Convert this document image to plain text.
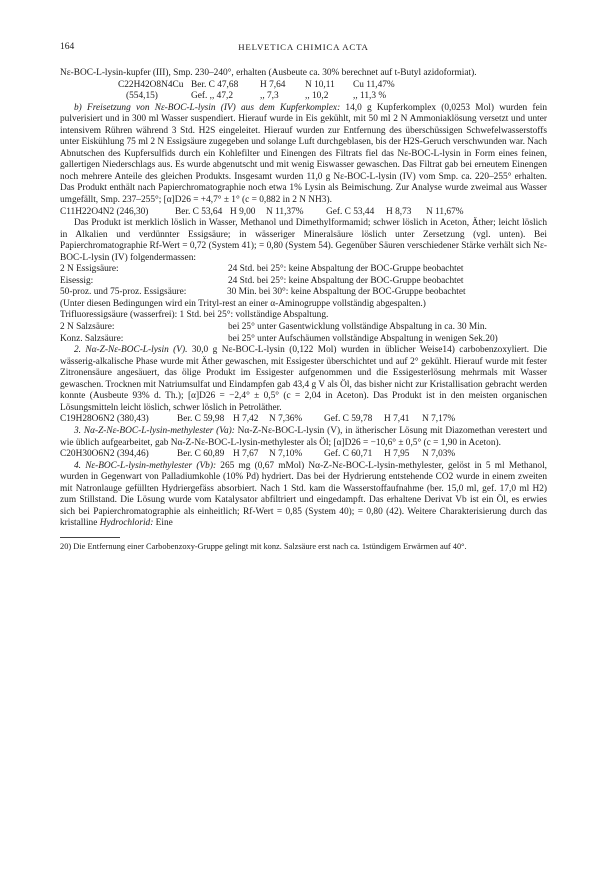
164	HELVETICA CHIMICA ACTA

Nε-BOC-L-lysin-kupfer (III), Smp. 230–240°, erhalten (Ausbeute ca. 30% berechnet auf t-Butyl azidoformiat).

C22H42O8N4Cu Ber. C 47,68	H 7,64	N 10,11	Cu 11,47%
(554,15)	Gef. ,, 47,2	,, 7,3	,, 10,2	,, 11,3 %

b) Freisetzung von Nε-BOC-L-lysin (IV) aus dem Kupferkomplex: 14,0 g Kupferkomplex (0,0253 Mol) wurden fein pulverisiert und in 300 ml Wasser suspendiert. Hierauf wurde in Eis gekühlt, mit 50 ml 2 N Ammoniaklösung versetzt und unter intensivem Rühren während 3 Std. H2S eingeleitet. Hierauf wurden zur Entfernung des überschüssigen Schwefelwasserstoffs unter Eiskühlung 75 ml 2 N Essigsäure zugegeben und solange Luft durchgeblasen, bis der H2S-Geruch verschwunden war. Nach Abnutschen des Kupfersulfids durch ein Kohlefilter und Einengen des Filtrats fiel das Nε-BOC-L-lysin in Form eines feinen, gallertigen Niederschlags aus. Es wurde abgenutscht und mit wenig Eiswasser gewaschen. Das Filtrat gab bei erneutem Einengen noch mehrere Anteile des gleichen Produkts. Insgesamt wurden 11,0 g Nε-BOC-L-lysin (IV) vom Smp. ca. 220–255° erhalten. Das Produkt enthält nach Papierchromatographie noch etwa 1% Lysin als Beimischung. Zur Analyse wurde zweimal aus Wasser umgefällt, Smp. 237–255°; [α]D26 = +4,7° ± 1° (c = 0,882 in 2 N NH3).

C11H22O4N2 (246,30)	Ber. C 53,64 H 9,00	N 11,37%	Gef. C 53,44	H 8,73	N 11,67%

Das Produkt ist merklich löslich in Wasser, Methanol und Dimethylformamid; schwer löslich in Aceton, Äther; leicht löslich in Alkalien und verdünnter Essigsäure; in wässeriger Mineralsäure löslich unter Zersetzung (vgl. unten). Bei Papierchromatographie Rf-Wert = 0,72 (System 41); = 0,80 (System 54). Gegenüber Säuren verschiedener Stärke verhält sich Nε-BOC-L-lysin (IV) folgendermassen:

2 N Essigsäure:	24 Std. bei 25°: keine Abspaltung der BOC-Gruppe beobachtet
Eisessig:	24 Std. bei 25°: keine Abspaltung der BOC-Gruppe beobachtet
50-proz. und 75-proz. Essigsäure:	30 Min. bei 30°: keine Abspaltung der BOC-Gruppe beobachtet

(Unter diesen Bedingungen wird ein Trityl-rest an einer α-Aminogruppe vollständig abgespalten.)

Trifluoressigsäure (wasserfrei): 1 Std. bei 25°: vollständige Abspaltung.

2 N Salzsäure:	bei 25° unter Gasentwicklung vollständige Abspaltung in ca. 30 Min.
Konz. Salzsäure:	bei 25° unter Aufschäumen vollständige Abspaltung in wenigen Sek.20)

2. Nα-Z-Nε-BOC-L-lysin (V). 30,0 g Nε-BOC-L-lysin (0,122 Mol) wurden in üblicher Weise14) carbobenzoxyliert. Die wässerig-alkalische Phase wurde mit Äther gewaschen, mit Essigester überschichtet und auf 2° gekühlt. Hierauf wurde mit fester Zitronensäure angesäuert, das ölige Produkt im Essigester aufgenommen und die Essigesterlösung mehrmals mit Wasser gewaschen. Trocknen mit Natriumsulfat und Eindampfen gab 43,4 g V als Öl, das bisher nicht zur Kristallisation gebracht werden konnte (Ausbeute 93% d. Th.); [α]D26 = −2,4° ± 0,5° (c = 2,04 in Aceton). Das Produkt ist in den meisten organischen Lösungsmitteln leicht löslich, schwer löslich in Petroläther.

C19H28O6N2 (380,43)	Ber. C 59,98 H 7,42	N 7,36%	Gef. C 59,78	H 7,41	N 7,17%

3. Nα-Z-Nε-BOC-L-lysin-methylester (Va): Nα-Z-Nε-BOC-L-lysin (V), in ätherischer Lösung mit Diazomethan verestert und wie üblich aufgearbeitet, gab Nα-Z-Nε-BOC-L-lysin-methylester als Öl; [α]D26 = −10,6° ± 0,5° (c = 1,90 in Aceton).

C20H30O6N2 (394,46)	Ber. C 60,89 H 7,67	N 7,10%	Gef. C 60,71	H 7,95	N 7,03%

4. Nε-BOC-L-lysin-methylester (Vb): 265 mg (0,67 mMol) Nα-Z-Nε-BOC-L-lysin-methylester, gelöst in 5 ml Methanol, wurden in Gegenwart von Palladiumkohle (10% Pd) hydriert. Das bei der Hydrierung entstehende CO2 wurde in einem zweiten mit Natronlauge gefüllten Hydriergefäss absorbiert. Nach 1 Std. kam die Wasserstoffaufnahme (ber. 15,0 ml, gef. 17,0 ml H2) zum Stillstand. Die Lösung wurde vom Katalysator abfiltriert und eingedampft. Das erhaltene Derivat Vb ist ein Öl, es erwies sich bei Papierchromatographie als einheitlich; Rf-Wert = 0,85 (System 40); = 0,80 (42). Weitere Charakterisierung durch das kristalline Hydrochlorid: Eine

20) Die Entfernung einer Carbobenzoxy-Gruppe gelingt mit konz. Salzsäure erst nach ca. 1stündigem Erwärmen auf 40°.
